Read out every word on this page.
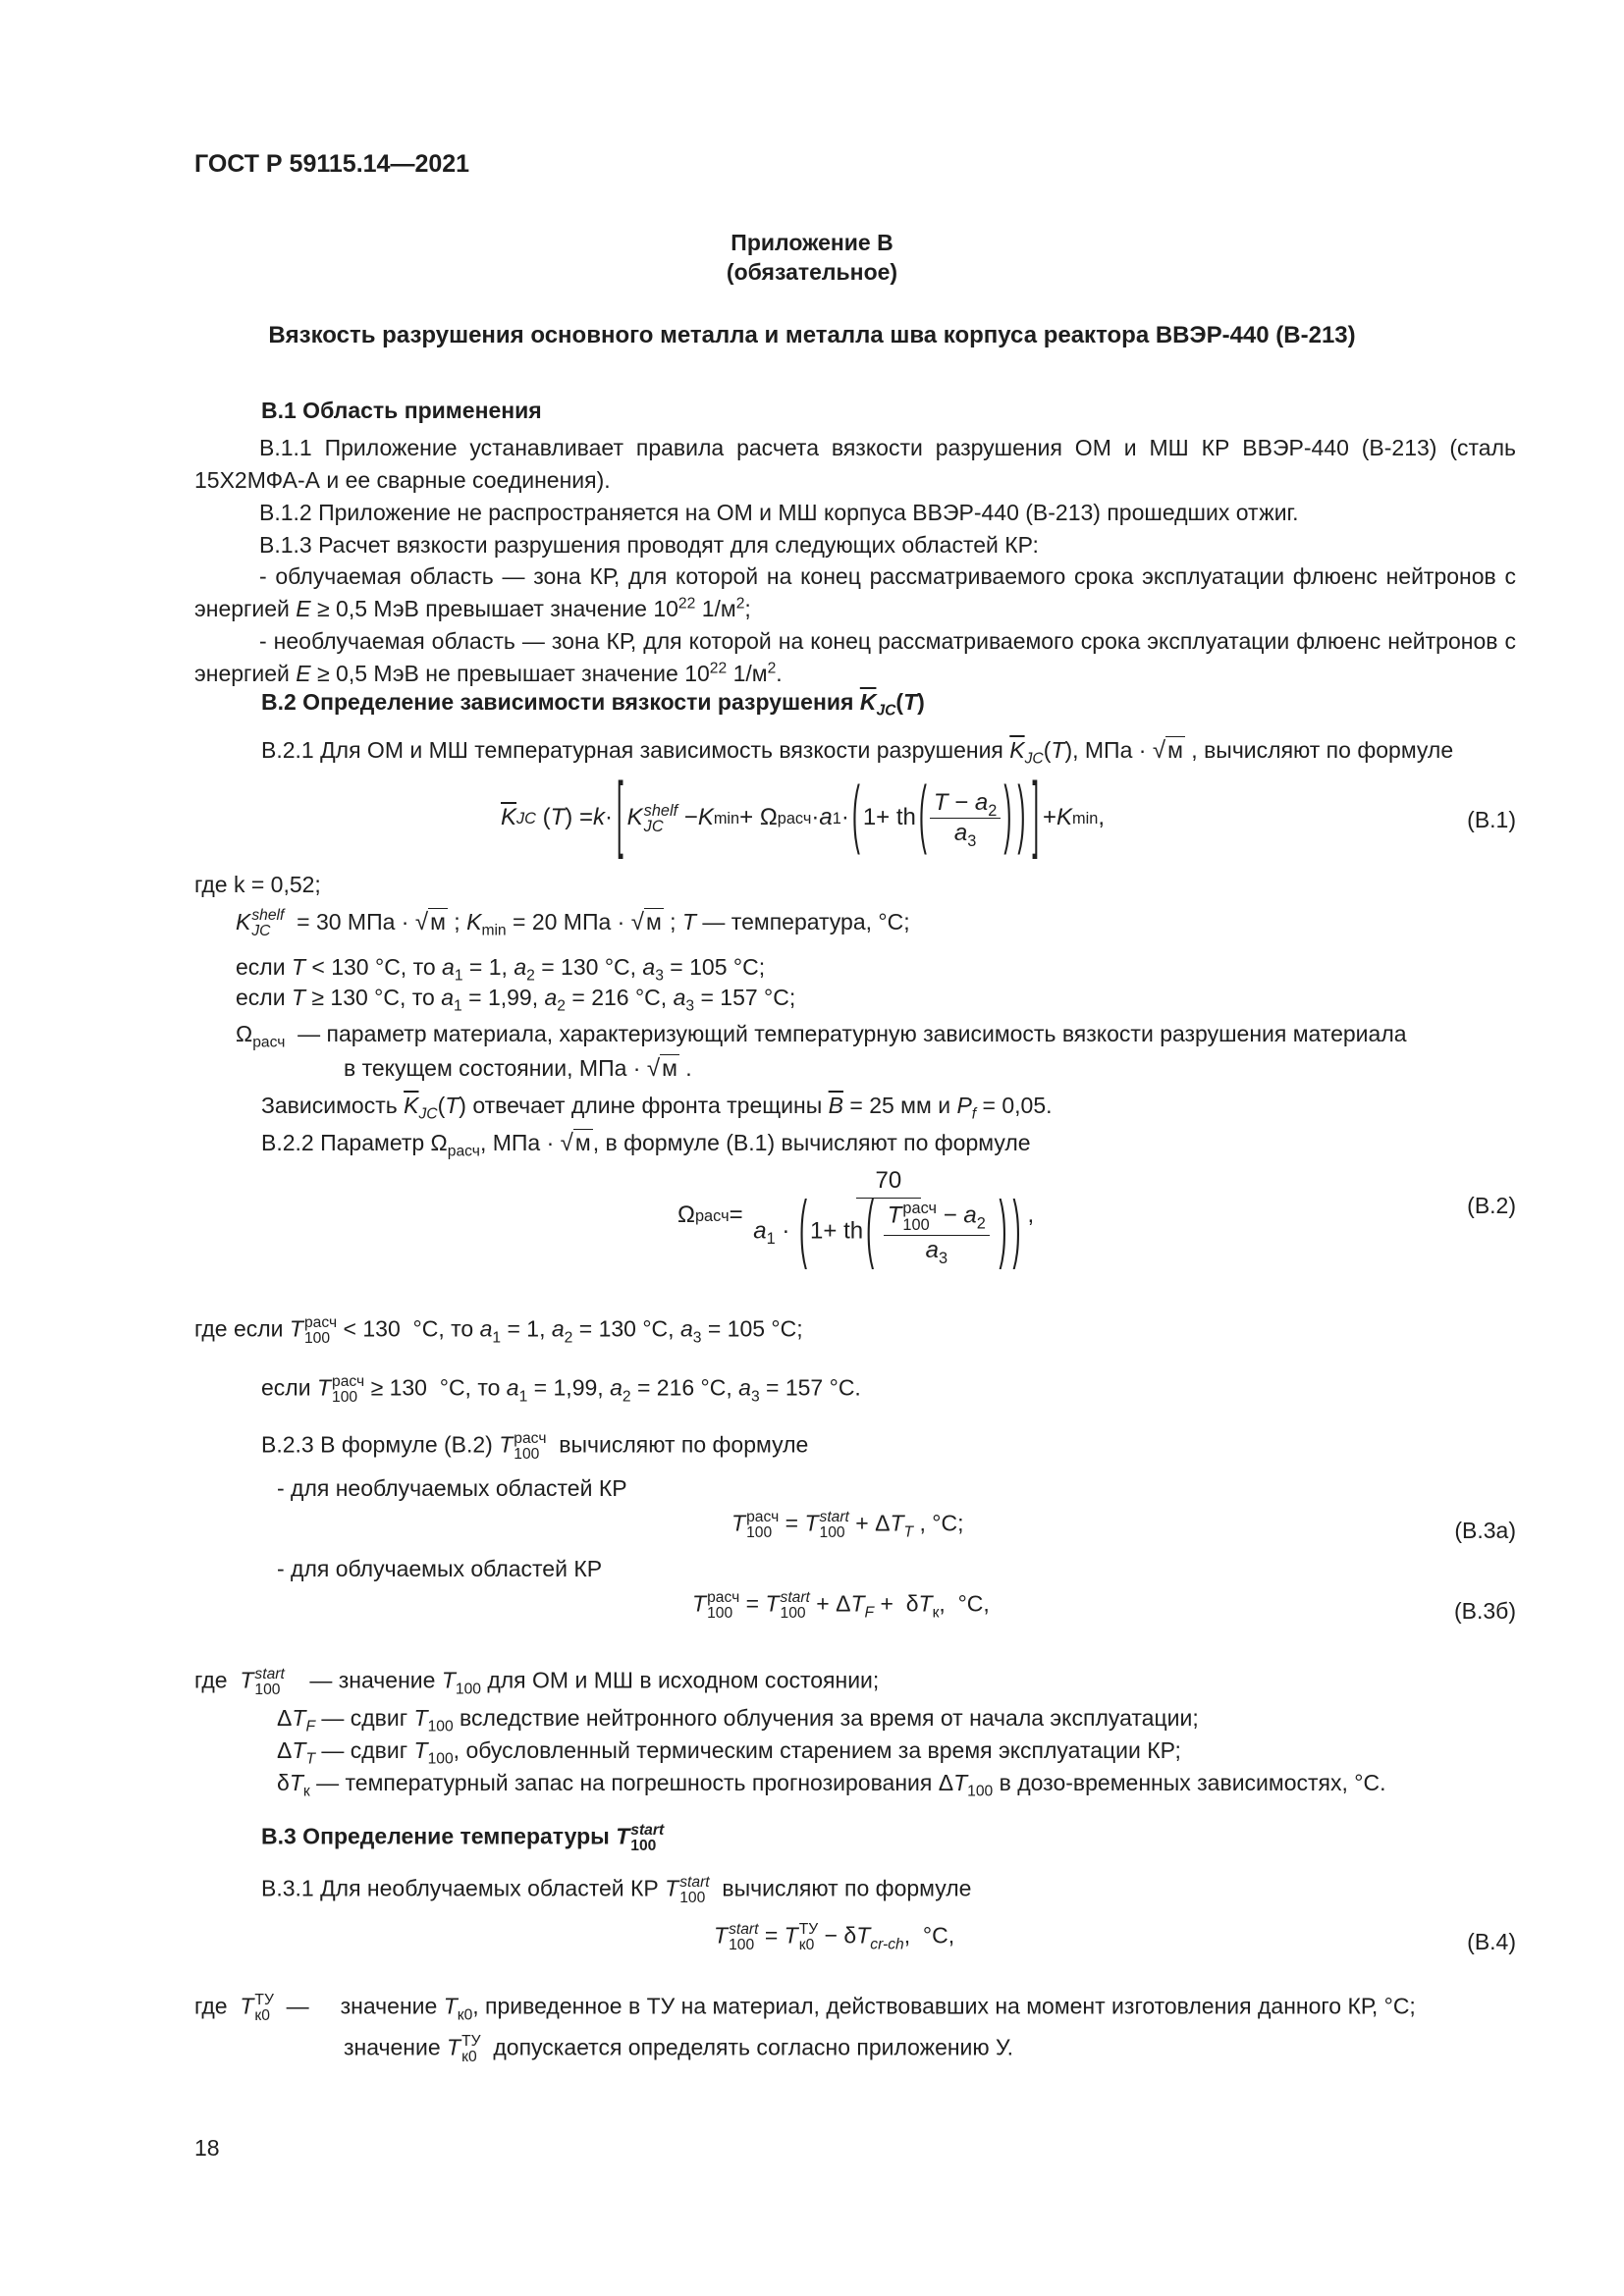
ГОСТ Р 59115.14—2021
Приложение В
(обязательное)
Вязкость разрушения основного металла и металла шва корпуса реактора ВВЭР-440 (В-213)
В.1 Область применения
В.1.1 Приложение устанавливает правила расчета вязкости разрушения ОМ и МШ КР ВВЭР-440 (В-213) (сталь 15Х2МФА-А и ее сварные соединения).
В.1.2 Приложение не распространяется на ОМ и МШ корпуса ВВЭР-440 (В-213) прошедших отжиг.
В.1.3 Расчет вязкости разрушения проводят для следующих областей КР:
- облучаемая область — зона КР, для которой на конец рассматриваемого срока эксплуатации флюенс нейтронов с энергией E ≥ 0,5 МэВ превышает значение $10^{22}$ $1/м^2$;
- необлучаемая область — зона КР, для которой на конец рассматриваемого срока эксплуатации флюенс нейтронов с энергией E ≥ 0,5 МэВ не превышает значение $10^{22}$ $1/м^2$.
В.2 Определение зависимости вязкости разрушения $\overline{K}_{JC}(T)$
В.2.1 Для ОМ и МШ температурная зависимость вязкости разрушения $\overline{K}_{JC}(T)$, МПа · √м , вычисляют по формуле
$\overline{K}$ JC ( T ) = k · [ K shelf
JC − K min + Ω расч · a 1 · ( 1+ th ( $\frac{T - a_2}{a_3}$ ) ) ] + K min ,	(В.1)
где k = 0,52;
K shelf
JC	= 30 МПа · √м ; $K_{min} = 20$ МПа · √м ; T — температура, °С;
если T < 130 °С, то $a_1 = 1$, $a_2 = 130$ °С, $a_3 = 105$ °С;
если T ≥ 130 °С, то $a_1 = 1,99$, $a_2 = 216$ °С, $a_3 = 157$ °С;
$\Omega_{расч}$ — параметр материала, характеризующий температурную зависимость вязкости разрушения материала
в текущем состоянии, МПа · √м .
Зависимость $\overline{K}_{JC}(T)$ отвечает длине фронта трещины $\overline{B} = 25$ мм и $P_f = 0,05$.
В.2.2 Параметр $\Omega_{расч}$, МПа · √м, в формуле (В.1) вычисляют по формуле
Ω расч = 70
$a_1$ · ( 1+ th ( T расч
$100 - a_2$
$a_3$ ) ) ,	(В.2)
где если T расч
100 < 130  °С, то $a_1 = 1$, $a_2 = 130$ °С, $a_3 = 105$ °С;
если T расч
100 ≥ 130  °С, то $a_1 = 1,99$, $a_2 = 216$ °С, $a_3 = 157$ °С.
В.2.3 В формуле (В.2) T расч
100 вычисляют по формуле
- для необлучаемых областей КР
T расч
100 = T start
$100 + \Delta T_T$ , °С;	(В.3а)
- для облучаемых областей КР
T расч
100 = T start
$100 + \Delta T_F + \delta T_к$,  °С,	(В.3б)
где  T start
100 — значение $T_{100}$ для ОМ и МШ в исходном состоянии;
$\Delta T_F$ — сдвиг $T_{100}$ вследствие нейтронного облучения за время от начала эксплуатации;
$\Delta T_T$ — сдвиг $T_{100}$, обусловленный термическим старением за время эксплуатации КР;
$\delta T_к$ — температурный запас на погрешность прогнозирования $\Delta T_{100}$ в дозо-временных зависимостях, °С.
В.3 Определение температуры T start
100
В.3.1 Для необлучаемых областей КР T start
100 вычисляют по формуле
T start
100 = T ТУ
$к0 - \delta T_{cr-ch}$,  °С,	(В.4)
где  T ТУ
к0 —     значение $T_{к0}$, приведенное в ТУ на материал, действовавших на момент изготовления данного КР, °С;
значение T ТУ
к0 допускается определять согласно приложению У.
18
